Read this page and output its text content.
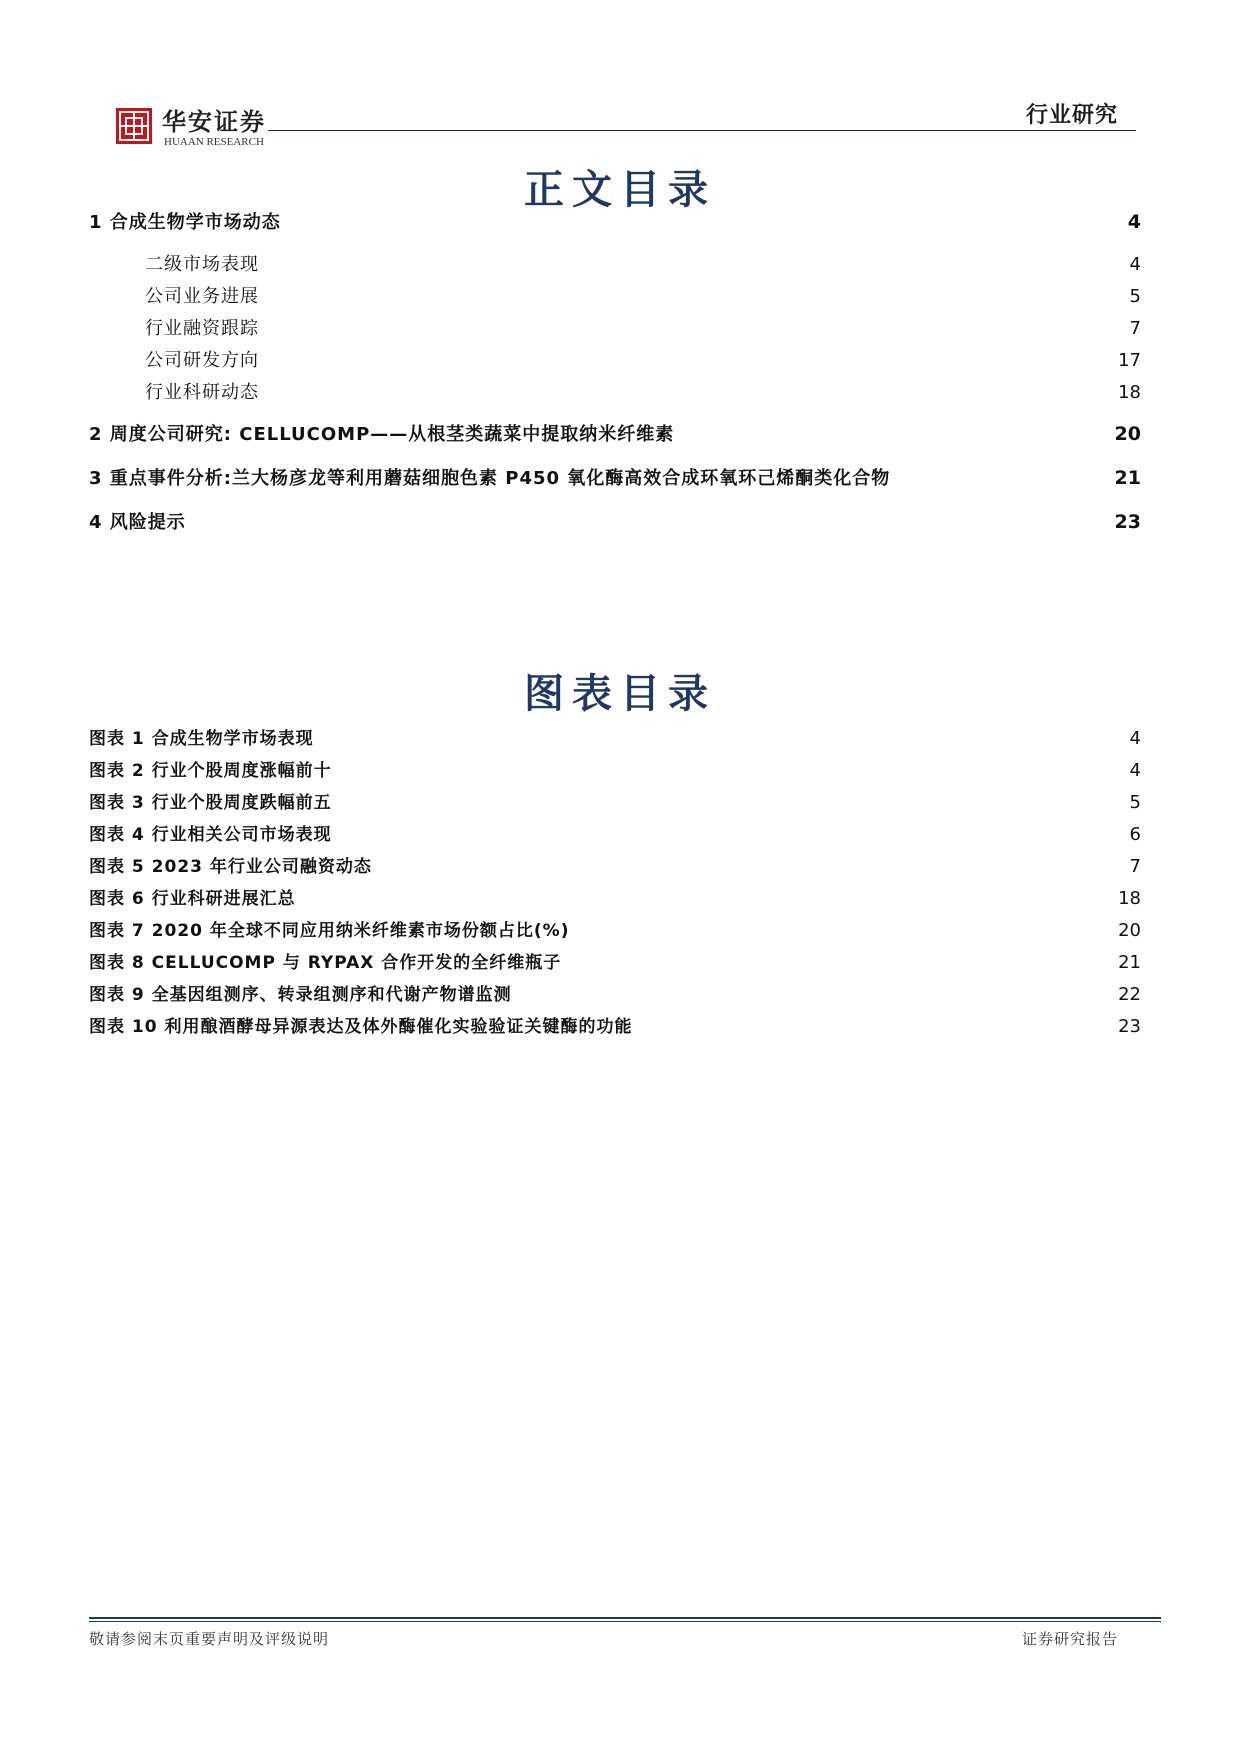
华安证券
HUAAN RESEARCH
行业研究
正文目录
1 合成生物学市场动态	4
二级市场表现	4
公司业务进展	5
行业融资跟踪	7
公司研发方向	17
行业科研动态	18
2 周度公司研究: CELLUCOMP——从根茎类蔬菜中提取纳米纤维素	20
3 重点事件分析:兰大杨彦龙等利用蘑菇细胞色素 P450 氧化酶高效合成环氧环己烯酮类化合物	21
4 风险提示	23
图表目录
图表 1 合成生物学市场表现	4
图表 2 行业个股周度涨幅前十	4
图表 3 行业个股周度跌幅前五	5
图表 4 行业相关公司市场表现	6
图表 5 2023 年行业公司融资动态	7
图表 6 行业科研进展汇总	18
图表 7 2020 年全球不同应用纳米纤维素市场份额占比(%)	20
图表 8 CELLUCOMP 与 RYPAX 合作开发的全纤维瓶子	21
图表 9 全基因组测序、转录组测序和代谢产物谱监测	22
图表 10 利用酿酒酵母异源表达及体外酶催化实验验证关键酶的功能	23
敬请参阅末页重要声明及评级说明	证券研究报告
